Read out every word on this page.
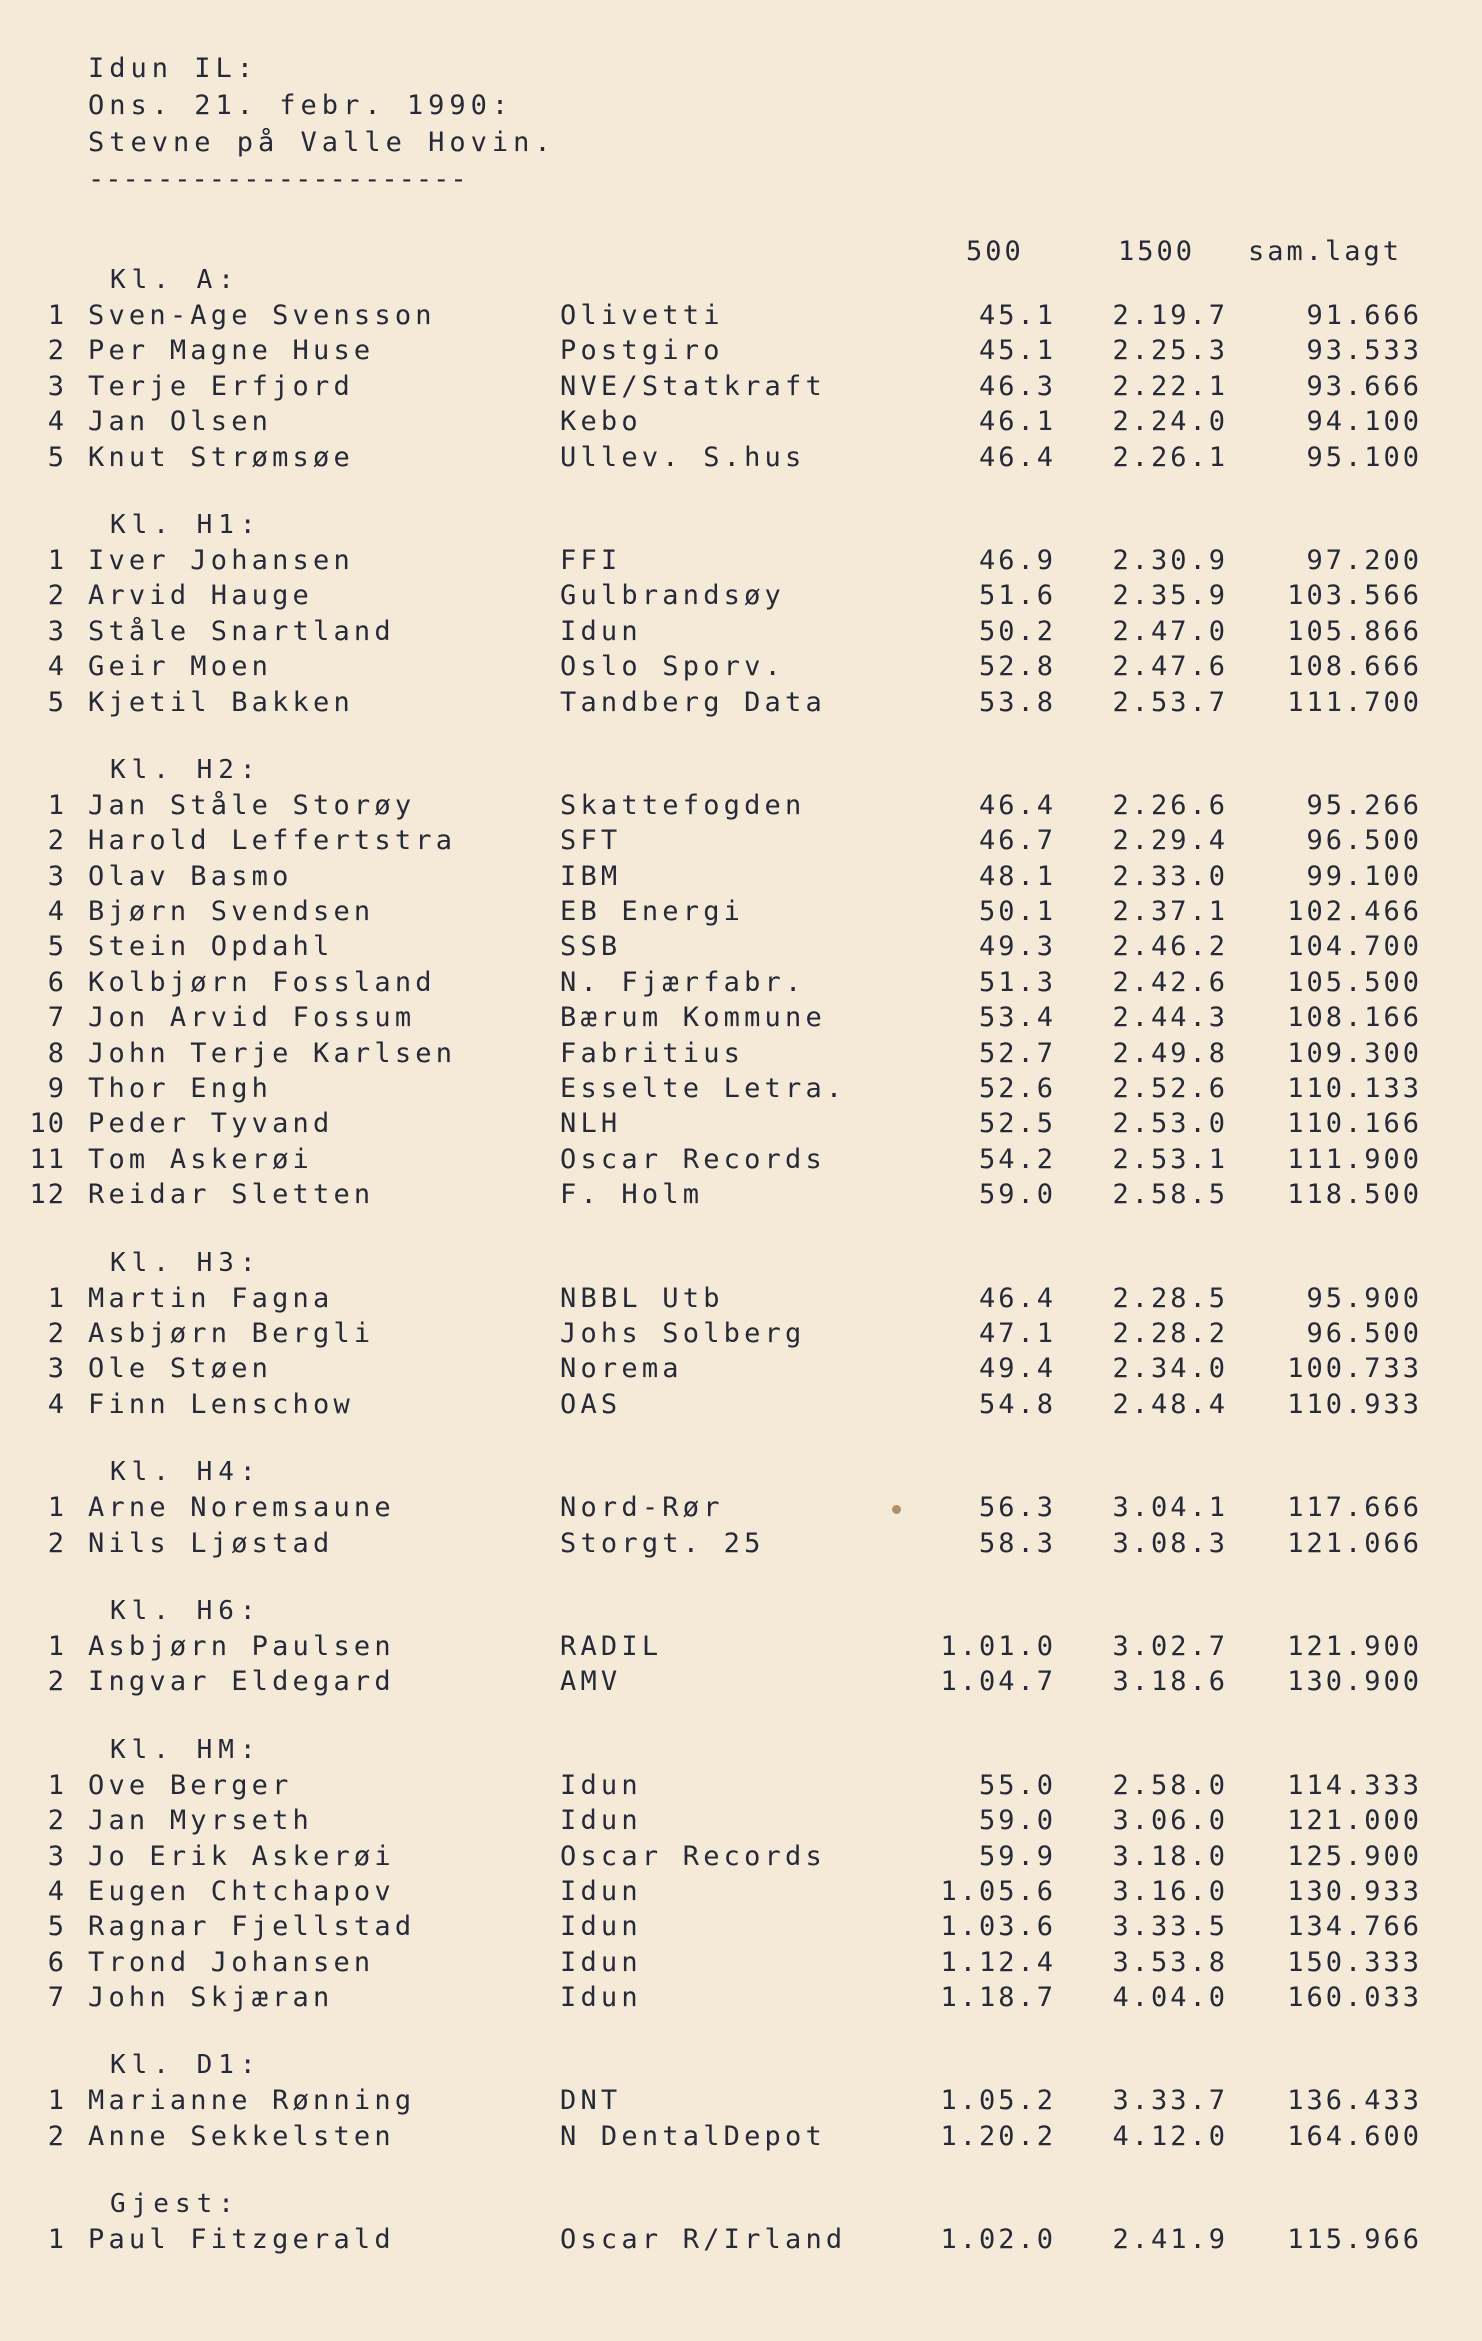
Idun IL:
Ons. 21. febr. 1990:
Stevne på Valle Hovin.
----------------------
500	1500 sam.lagt
Kl. A:
1 Sven-Age Svensson	Olivetti	45.1 2.19.7	91.666
2 Per Magne Huse	Postgiro	45.1 2.25.3	93.533
3 Terje Erfjord	NVE/Statkraft	46.3 2.22.1	93.666
4 Jan Olsen	Kebo	46.1 2.24.0	94.100
5 Knut Strømsøe	Ullev. S.hus	46.4 2.26.1	95.100
Kl. H1:
1 Iver Johansen	FFI	46.9 2.30.9	97.200
2 Arvid Hauge	Gulbrandsøy	51.6 2.35.9 103.566
3 Ståle Snartland	Idun	50.2 2.47.0 105.866
4 Geir Moen	Oslo Sporv.	52.8 2.47.6 108.666
5 Kjetil Bakken	Tandberg Data	53.8 2.53.7 111.700
Kl. H2:
1 Jan Ståle Storøy	Skattefogden	46.4 2.26.6	95.266
2 Harold Leffertstra	SFT	46.7 2.29.4	96.500
3 Olav Basmo	IBM	48.1 2.33.0	99.100
4 Bjørn Svendsen	EB Energi	50.1 2.37.1 102.466
5 Stein Opdahl	SSB	49.3 2.46.2 104.700
6 Kolbjørn Fossland	N. Fjærfabr.	51.3 2.42.6 105.500
7 Jon Arvid Fossum	Bærum Kommune	53.4 2.44.3 108.166
8 John Terje Karlsen	Fabritius	52.7 2.49.8 109.300
9 Thor Engh	Esselte Letra.	52.6 2.52.6 110.133
10 Peder Tyvand	NLH	52.5 2.53.0 110.166
11 Tom Askerøi	Oscar Records	54.2 2.53.1 111.900
12 Reidar Sletten	F. Holm	59.0 2.58.5 118.500
Kl. H3:
1 Martin Fagna	NBBL Utb	46.4 2.28.5	95.900
2 Asbjørn Bergli	Johs Solberg	47.1 2.28.2	96.500
3 Ole Støen	Norema	49.4 2.34.0 100.733
4 Finn Lenschow	OAS	54.8 2.48.4 110.933
Kl. H4:
1 Arne Noremsaune	Nord-Rør	56.3 3.04.1 117.666
2 Nils Ljøstad	Storgt. 25	58.3 3.08.3 121.066
Kl. H6:
1 Asbjørn Paulsen	RADIL	1.01.0 3.02.7 121.900
2 Ingvar Eldegard	AMV	1.04.7 3.18.6 130.900
Kl. HM:
1 Ove Berger	Idun	55.0 2.58.0 114.333
2 Jan Myrseth	Idun	59.0 3.06.0 121.000
3 Jo Erik Askerøi	Oscar Records	59.9 3.18.0 125.900
4 Eugen Chtchapov	Idun	1.05.6 3.16.0 130.933
5 Ragnar Fjellstad	Idun	1.03.6 3.33.5 134.766
6 Trond Johansen	Idun	1.12.4 3.53.8 150.333
7 John Skjæran	Idun	1.18.7 4.04.0 160.033
Kl. D1:
1 Marianne Rønning	DNT	1.05.2 3.33.7 136.433
2 Anne Sekkelsten	N DentalDepot	1.20.2 4.12.0 164.600
Gjest:
1 Paul Fitzgerald	Oscar R/Irland	1.02.0 2.41.9 115.966
